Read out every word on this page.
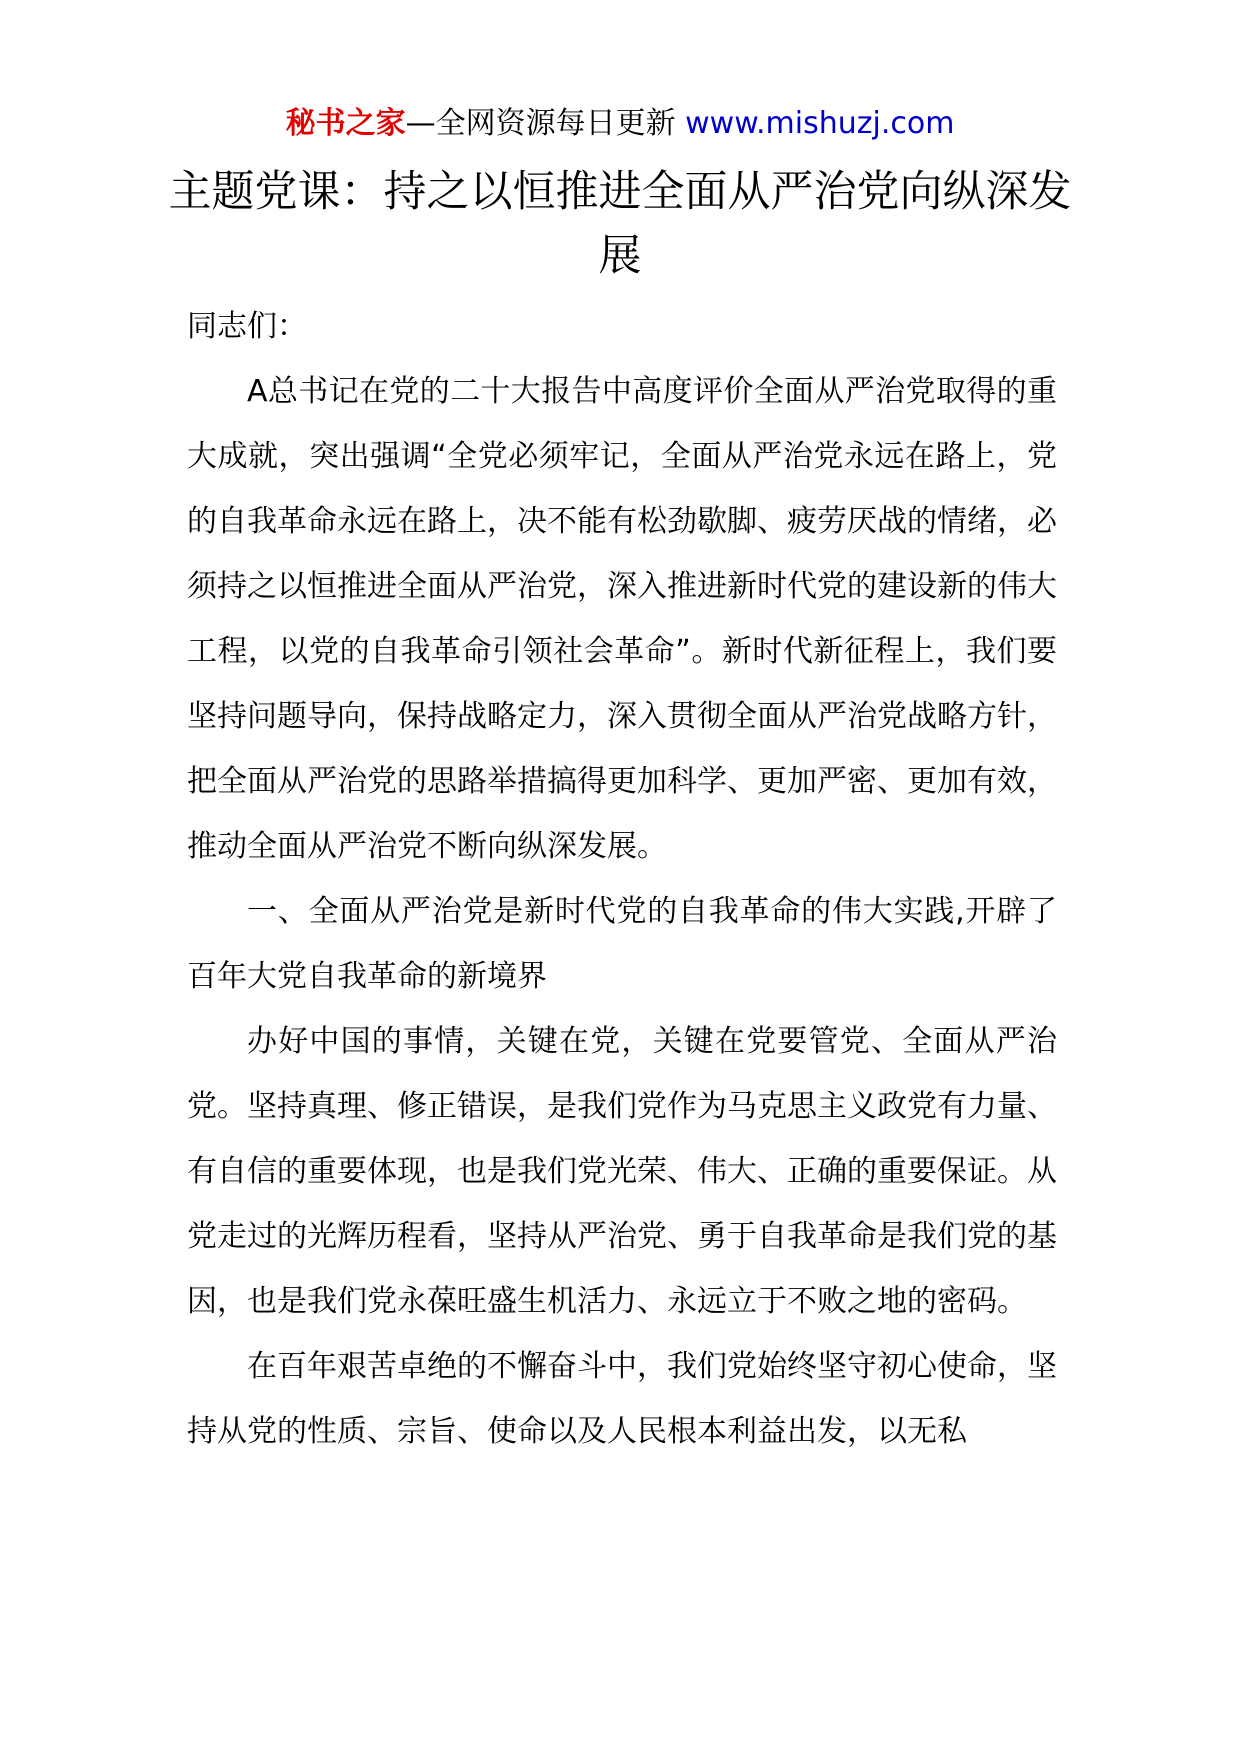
秘书之家—全网资源每日更新 www.mishuzj.com
主题党课：持之以恒推进全面从严治党向纵深发展

同志们：

A总书记在党的二十大报告中高度评价全面从严治党取得的重大成就，突出强调“全党必须牢记，全面从严治党永远在路上，党的自我革命永远在路上，决不能有松劲歇脚、疲劳厌战的情绪，必须持之以恒推进全面从严治党，深入推进新时代党的建设新的伟大工程，以党的自我革命引领社会革命”。新时代新征程上，我们要坚持问题导向，保持战略定力，深入贯彻全面从严治党战略方针，把全面从严治党的思路举措搞得更加科学、更加严密、更加有效，推动全面从严治党不断向纵深发展。

一、全面从严治党是新时代党的自我革命的伟大实践,开辟了百年大党自我革命的新境界

办好中国的事情，关键在党，关键在党要管党、全面从严治党。坚持真理、修正错误，是我们党作为马克思主义政党有力量、有自信的重要体现，也是我们党光荣、伟大、正确的重要保证。从党走过的光辉历程看，坚持从严治党、勇于自我革命是我们党的基因，也是我们党永葆旺盛生机活力、永远立于不败之地的密码。

在百年艰苦卓绝的不懈奋斗中，我们党始终坚守初心使命，坚持从党的性质、宗旨、使命以及人民根本利益出发，以无私
